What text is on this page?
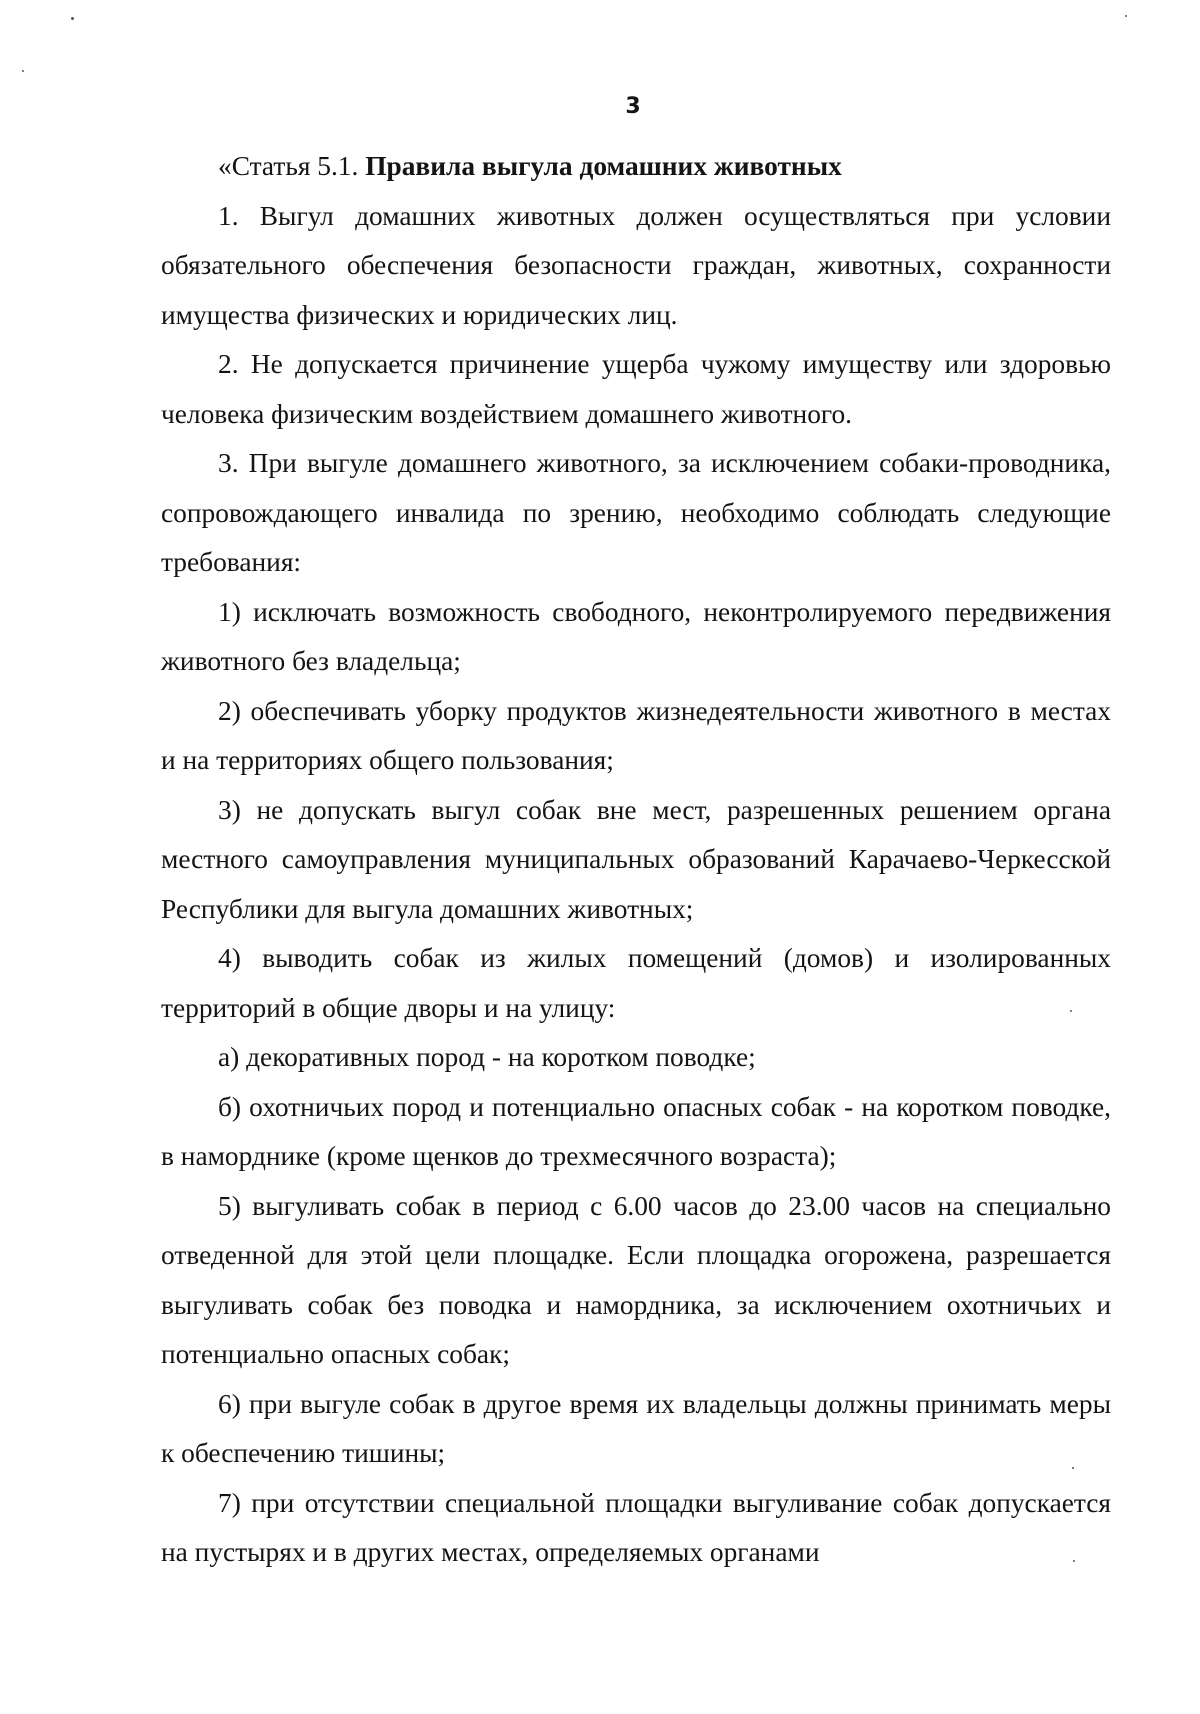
3

«Статья 5.1. Правила выгула домашних животных

1. Выгул домашних животных должен осуществляться при условии обязательного обеспечения безопасности граждан, животных, сохранности имущества физических и юридических лиц.

2. Не допускается причинение ущерба чужому имуществу или здоровью человека физическим воздействием домашнего животного.

3. При выгуле домашнего животного, за исключением собаки-проводника, сопровождающего инвалида по зрению, необходимо соблюдать следующие требования:

1) исключать возможность свободного, неконтролируемого передвижения животного без владельца;

2) обеспечивать уборку продуктов жизнедеятельности животного в местах и на территориях общего пользования;

3) не допускать выгул собак вне мест, разрешенных решением органа местного самоуправления муниципальных образований Карачаево-Черкесской Республики для выгула домашних животных;

4) выводить собак из жилых помещений (домов) и изолированных территорий в общие дворы и на улицу:

а) декоративных пород - на коротком поводке;

б) охотничьих пород и потенциально опасных собак - на коротком поводке, в наморднике (кроме щенков до трехмесячного возраста);

5) выгуливать собак в период с 6.00 часов до 23.00 часов на специально отведенной для этой цели площадке. Если площадка огорожена, разрешается выгуливать собак без поводка и намордника, за исключением охотничьих и потенциально опасных собак;

6) при выгуле собак в другое время их владельцы должны принимать меры к обеспечению тишины;

7) при отсутствии специальной площадки выгуливание собак допускается на пустырях и в других местах, определяемых органами
